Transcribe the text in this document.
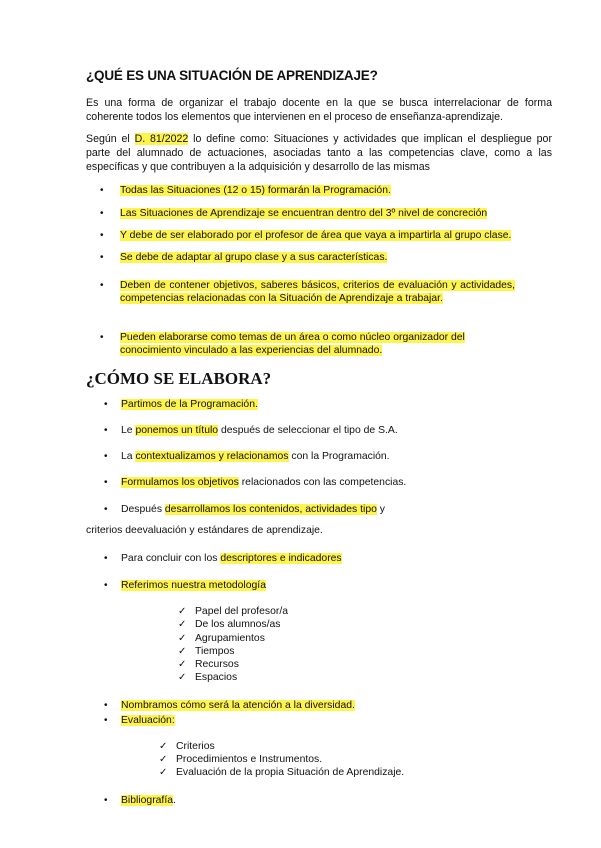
¿QUÉ ES UNA SITUACIÓN DE APRENDIZAJE?
Es una forma de organizar el trabajo docente en la que se busca interrelacionar de forma coherente todos los elementos que intervienen en el proceso de enseñanza-aprendizaje.
Según el D. 81/2022 lo define como: Situaciones y actividades que implican el despliegue por parte del alumnado de actuaciones, asociadas tanto a las competencias clave, como a las específicas y que contribuyen a la adquisición y desarrollo de las mismas
• Todas las Situaciones (12 o 15) formarán la Programación.
• Las Situaciones de Aprendizaje se encuentran dentro del 3º nivel de concreción
• Y debe de ser elaborado por el profesor de área que vaya a impartirla al grupo clase.
• Se debe de adaptar al grupo clase y a sus características.
• Deben de contener objetivos, saberes básicos, criterios de evaluación y actividades, competencias relacionadas con la Situación de Aprendizaje a trabajar.
• Pueden elaborarse como temas de un área o como núcleo organizador del conocimiento vinculado a las experiencias del alumnado.
¿CÓMO SE ELABORA?
• Partimos de la Programación.
• Le ponemos un título después de seleccionar el tipo de S.A.
• La contextualizamos y relacionamos con la Programación.
• Formulamos los objetivos relacionados con las competencias.
• Después desarrollamos los contenidos, actividades tipo y
criterios deevaluación y estándares de aprendizaje.
• Para concluir con los descriptores e indicadores
• Referimos nuestra metodología
✓ Papel del profesor/a
✓ De los alumnos/as
✓ Agrupamientos
✓ Tiempos
✓ Recursos
✓ Espacios
• Nombramos cómo será la atención a la diversidad.
• Evaluación:
✓ Criterios
✓ Procedimientos e Instrumentos.
✓ Evaluación de la propia Situación de Aprendizaje.
• Bibliografía.
